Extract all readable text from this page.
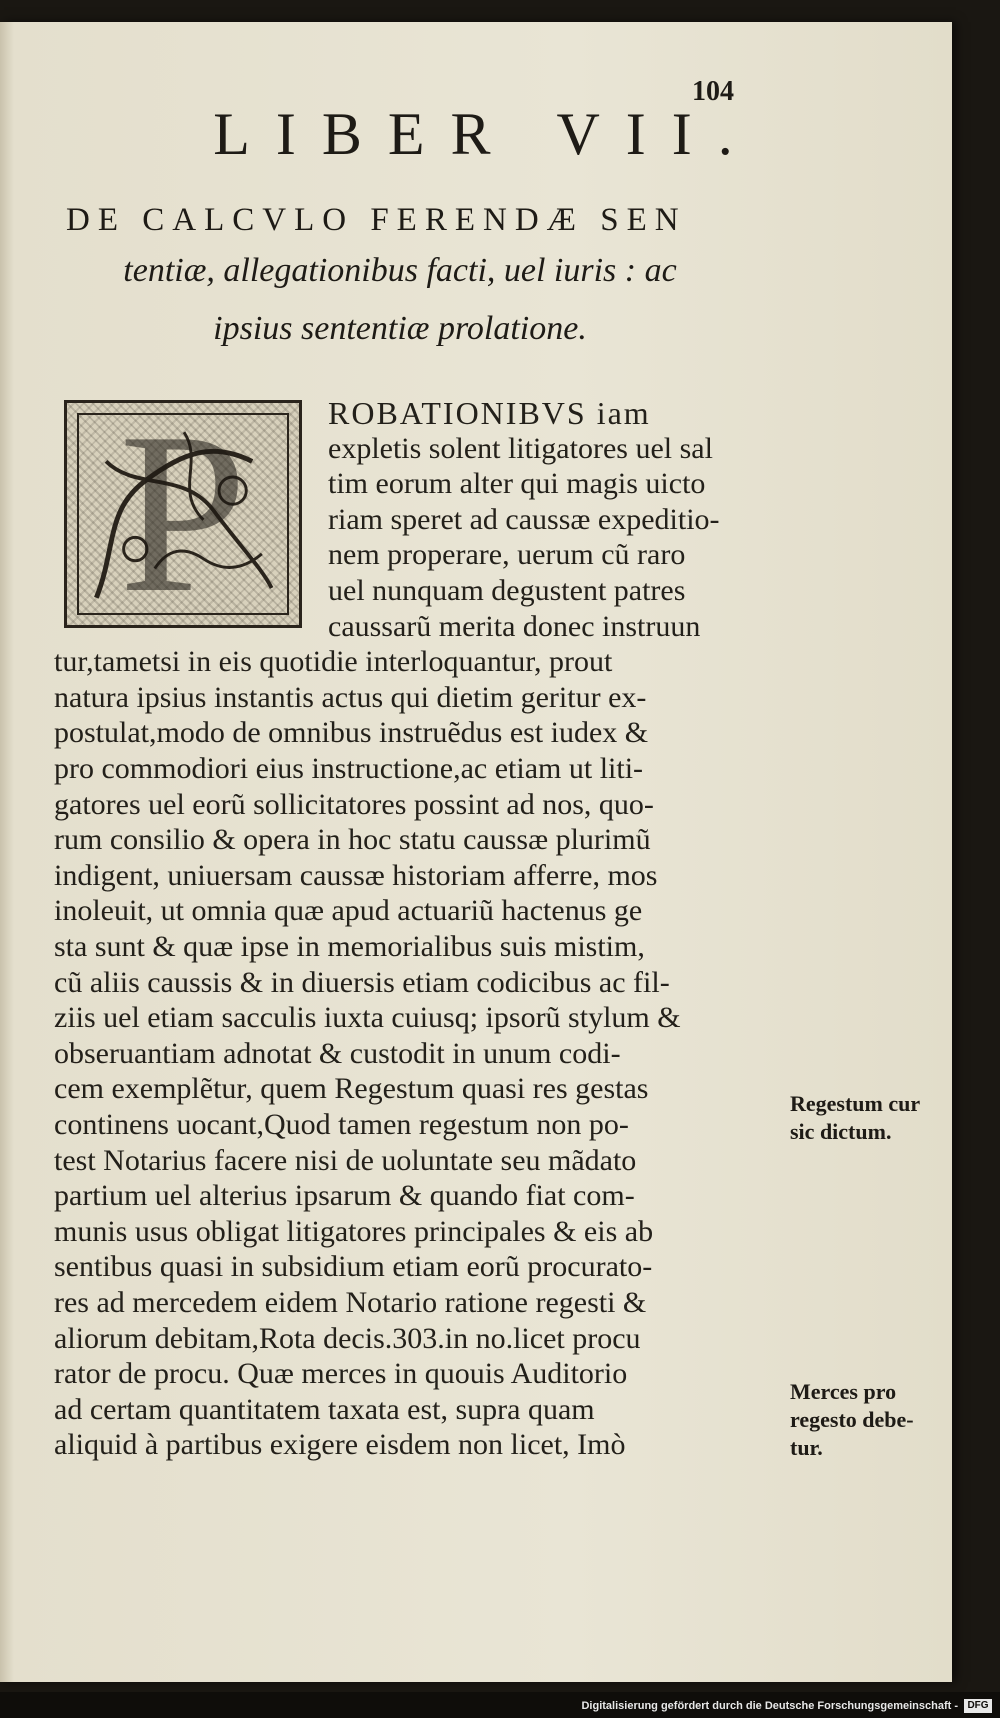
104
LIBER VII.
DE CALCVLO FERENDÆ SEN
tentiæ, allegationibus facti, uel iuris : ac
ipsius sententiæ prolatione.
P	ROBATIONIBVS iam
expletis solent litigatores uel sal
tim eorum alter qui magis uicto
riam speret ad caussæ expeditio-
nem properare, uerum cũ raro
uel nunquam degustent patres
caussarũ merita donec instruun
tur,tametsi in eis quotidie interloquantur, prout
natura ipsius instantis actus qui dietim geritur ex-
postulat,modo de omnibus instruẽdus est iudex &
pro commodiori eius instructione,ac etiam ut liti-
gatores uel eorũ sollicitatores possint ad nos, quo-
rum consilio & opera in hoc statu caussæ plurimũ
indigent, uniuersam caussæ historiam afferre, mos
inoleuit, ut omnia quæ apud actuariũ hactenus ge
sta sunt & quæ ipse in memorialibus suis mistim,
cũ aliis caussis & in diuersis etiam codicibus ac fil-
ziis uel etiam sacculis iuxta cuiusq; ipsorũ stylum &
obseruantiam adnotat & custodit in unum codi-
cem exemplẽtur, quem Regestum quasi res gestas
continens uocant,Quod tamen regestum non po-
test Notarius facere nisi de uoluntate seu mãdato
partium uel alterius ipsarum & quando fiat com-
munis usus obligat litigatores principales & eis ab
sentibus quasi in subsidium etiam eorũ procurato-
res ad mercedem eidem Notario ratione regesti &
aliorum debitam,Rota decis.303.in no.licet procu
rator de procu. Quæ merces in quouis Auditorio
ad certam quantitatem taxata est, supra quam
aliquid à partibus exigere eisdem non licet, Imò
Regestum cur
sic dictum.
Merces pro
regesto debe-
tur.
Digitalisierung gefördert durch die Deutsche Forschungsgemeinschaft - DFG
